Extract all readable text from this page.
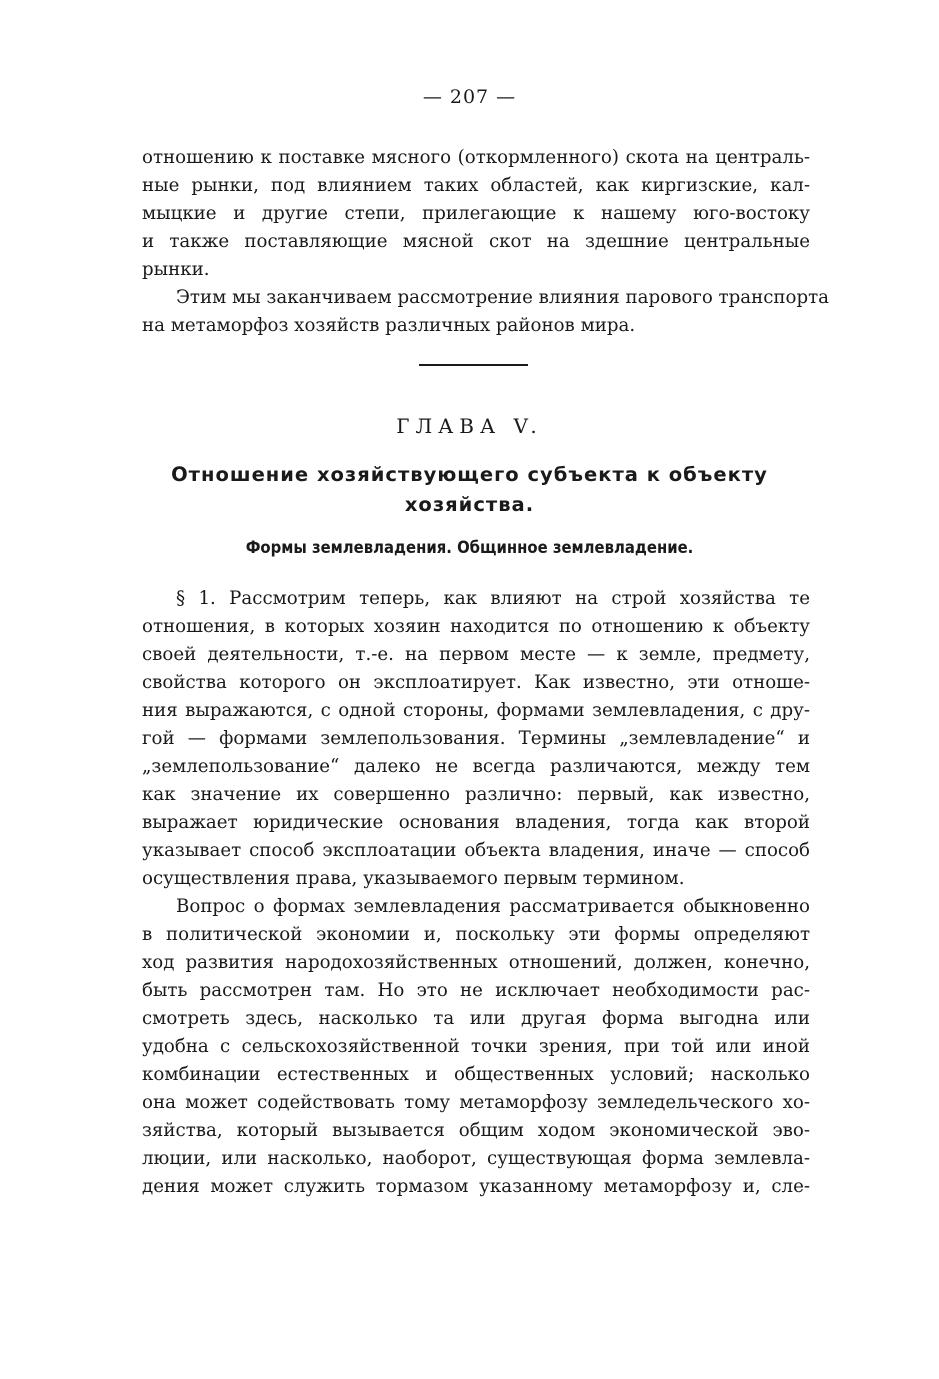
— 207 —
отношению к поставке мясного (откормленного) скота на централь-
ные рынки, под влиянием таких областей, как киргизские, кал-
мыцкие и другие степи, прилегающие к нашему юго-востоку
и также поставляющие мясной скот на здешние центральные
рынки.
Этим мы заканчиваем рассмотрение влияния парового транспорта
на метаморфоз хозяйств различных районов мира.
ГЛАВА V.
Отношение хозяйствующего субъекта к объекту
хозяйства.
Формы землевладения. Общинное землевладение.
§ 1. Рассмотрим теперь, как влияют на строй хозяйства те
отношения, в которых хозяин находится по отношению к объекту
своей деятельности, т.-е. на первом месте — к земле, предмету,
свойства которого он эксплоатирует. Как известно, эти отноше-
ния выражаются, с одной стороны, формами землевладения, с дру-
гой — формами землепользования. Термины „землевладение“ и
„землепользование“ далеко не всегда различаются, между тем
как значение их совершенно различно: первый, как известно,
выражает юридические основания владения, тогда как второй
указывает способ эксплоатации объекта владения, иначе — способ
осуществления права, указываемого первым термином.
Вопрос о формах землевладения рассматривается обыкновенно
в политической экономии и, поскольку эти формы определяют
ход развития народохозяйственных отношений, должен, конечно,
быть рассмотрен там. Но это не исключает необходимости рас-
смотреть здесь, насколько та или другая форма выгодна или
удобна с сельскохозяйственной точки зрения, при той или иной
комбинации естественных и общественных условий; насколько
она может содействовать тому метаморфозу земледельческого хо-
зяйства, который вызывается общим ходом экономической эво-
люции, или насколько, наоборот, существующая форма землевла-
дения может служить тормазом указанному метаморфозу и, сле-
